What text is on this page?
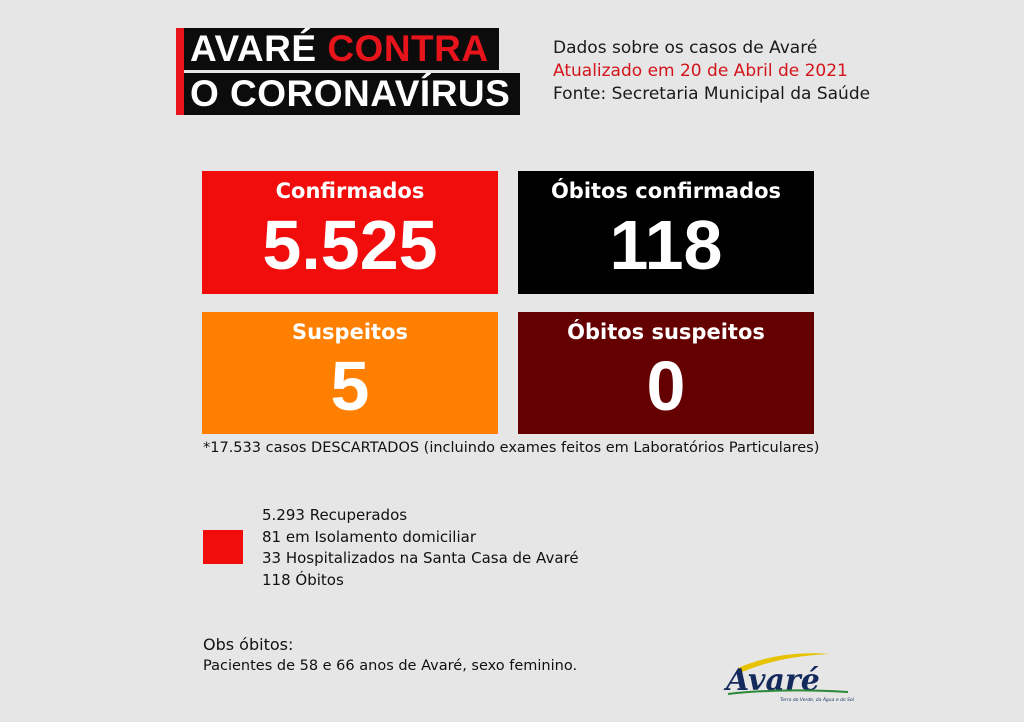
AVARÉ CONTRA
O CORONAVÍRUS
Dados sobre os casos de Avaré
Atualizado em 20 de Abril de 2021
Fonte: Secretaria Municipal da Saúde
Confirmados
5.525
Óbitos confirmados
118
Suspeitos
5
Óbitos suspeitos
0
*17.533 casos DESCARTADOS (incluindo exames feitos em Laboratórios Particulares)
5.293 Recuperados
81 em Isolamento domiciliar
33 Hospitalizados na Santa Casa de Avaré
118 Óbitos
Obs óbitos:
Pacientes de 58 e 66 anos de Avaré, sexo feminino.	Avaré
Terra do Verde, da Água e do Sol
